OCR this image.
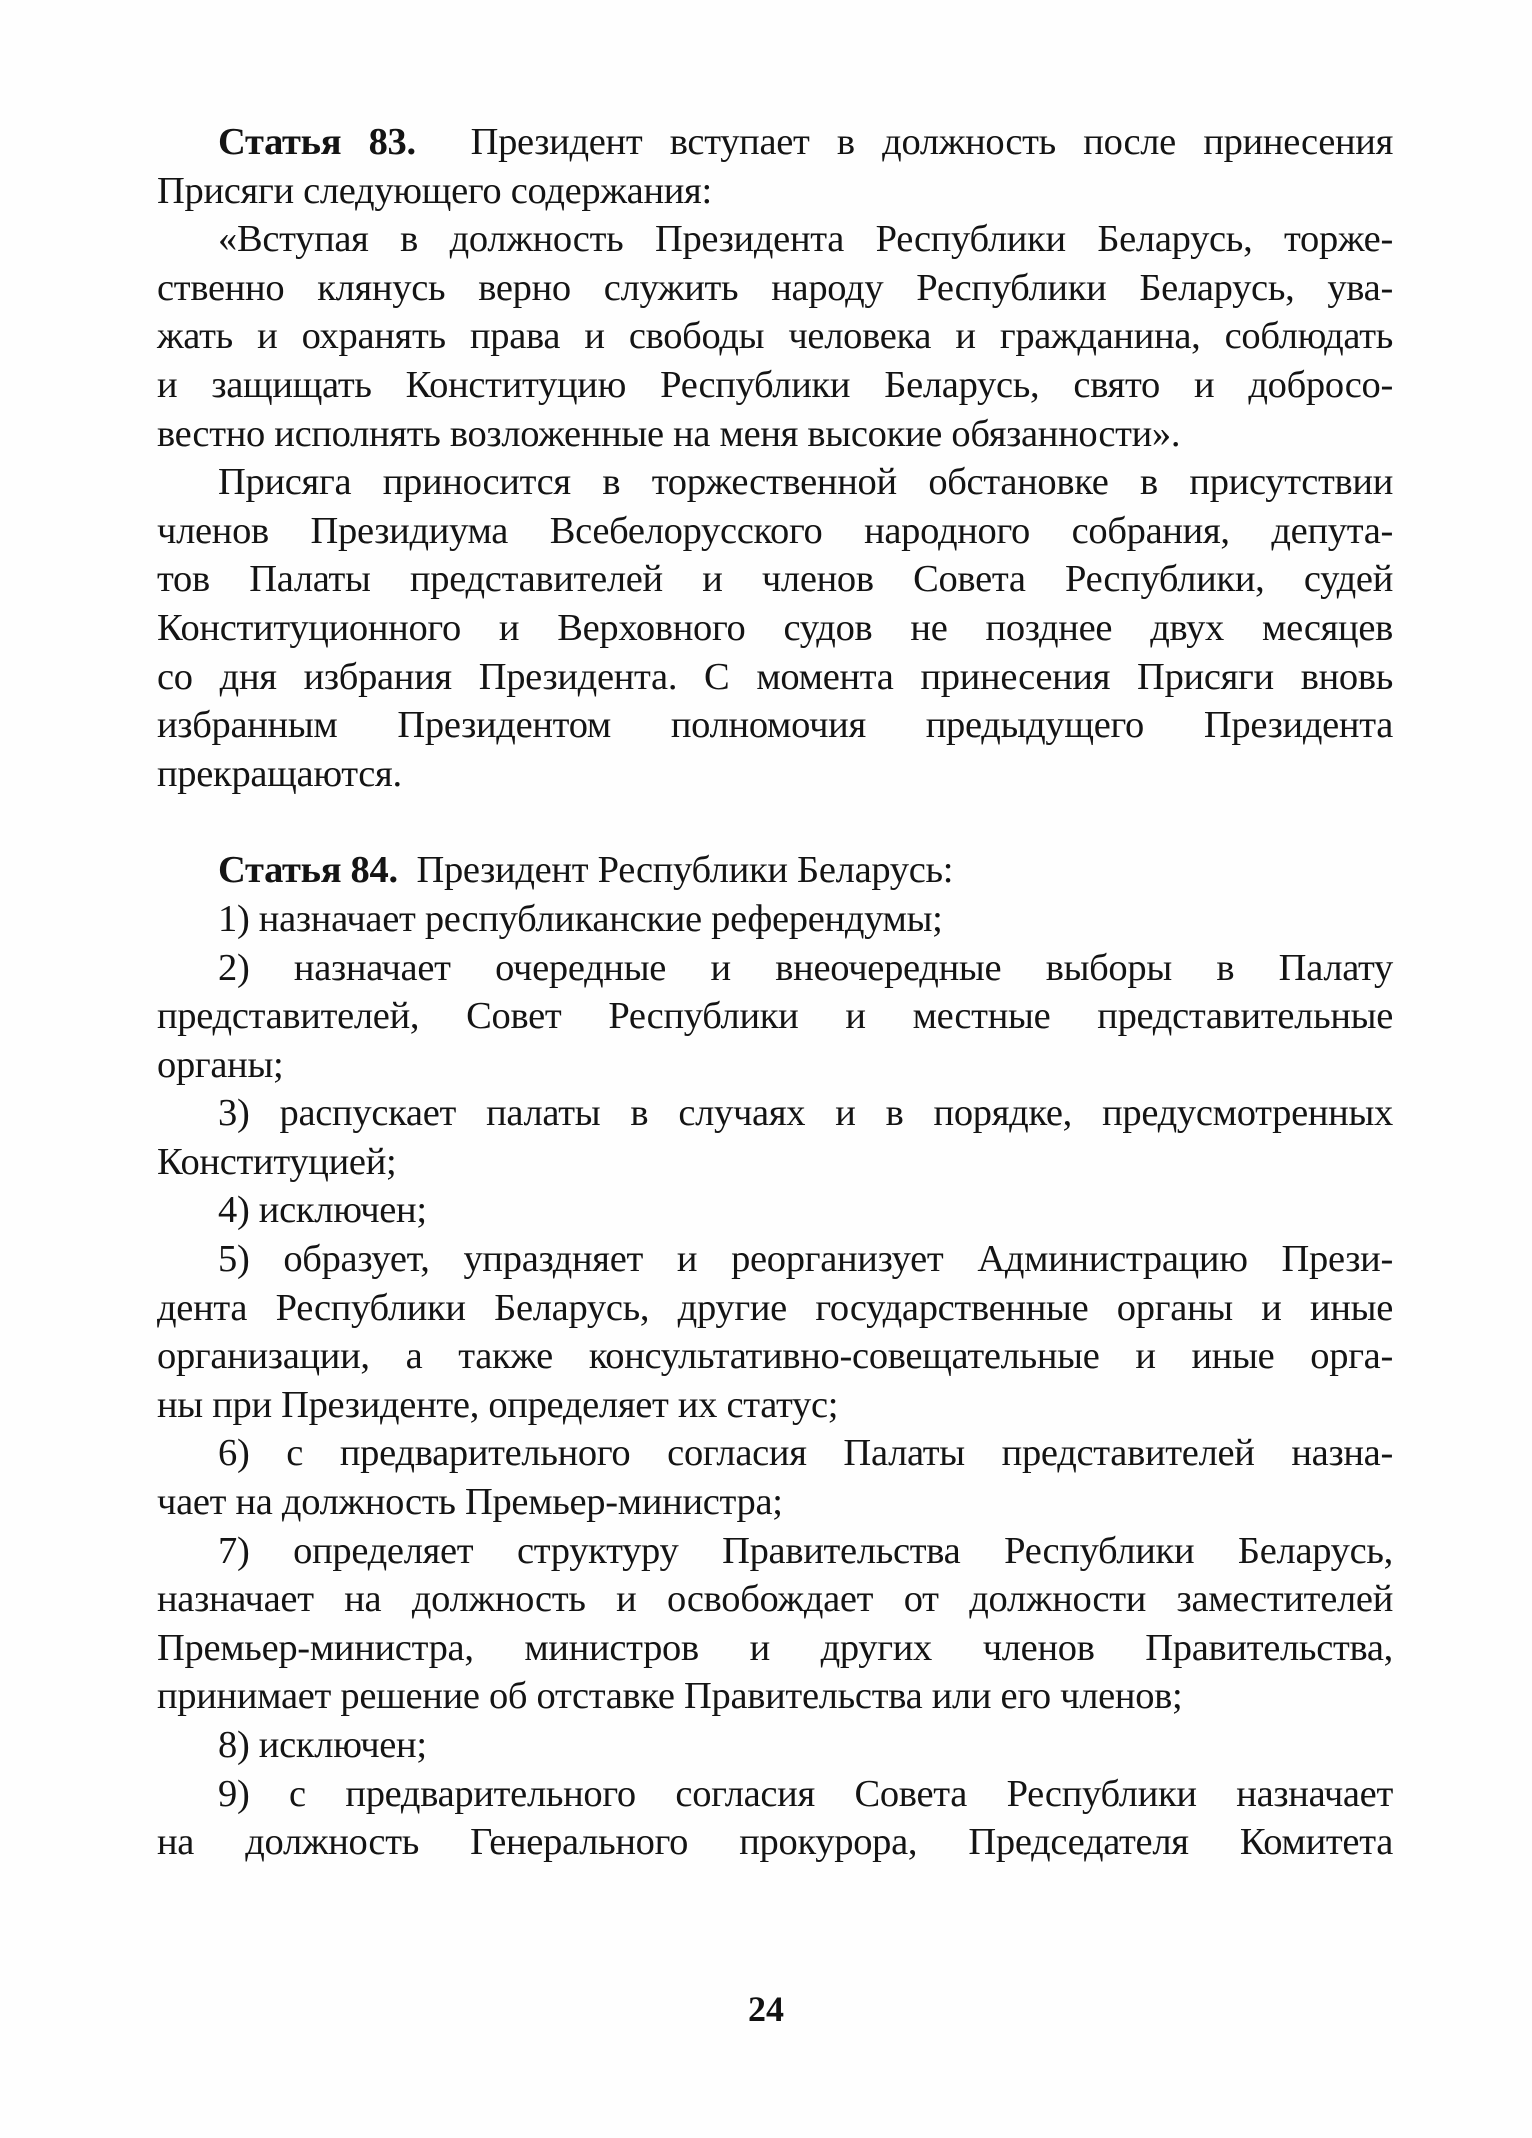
Статья 83. Президент вступает в должность после принесения
Присяги следующего содержания:
«Вступая в должность Президента Республики Беларусь, торже-
ственно клянусь верно служить народу Республики Беларусь, ува-
жать и охранять права и свободы человека и гражданина, соблюдать
и защищать Конституцию Республики Беларусь, свято и добросо-
вестно исполнять возложенные на меня высокие обязанности».
Присяга приносится в торжественной обстановке в присутствии
членов Президиума Всебелорусского народного собрания, депута-
тов Палаты представителей и членов Совета Республики, судей
Конституционного и Верховного судов не позднее двух месяцев
со дня избрания Президента. С момента принесения Присяги вновь
избранным Президентом полномочия предыдущего Президента
прекращаются.
Статья 84. Президент Республики Беларусь:
1) назначает республиканские референдумы;
2) назначает очередные и внеочередные выборы в Палату
представителей, Совет Республики и местные представительные
органы;
3) распускает палаты в случаях и в порядке, предусмотренных
Конституцией;
4) исключен;
5) образует, упраздняет и реорганизует Администрацию Прези-
дента Республики Беларусь, другие государственные органы и иные
организации, а также консультативно-совещательные и иные орга-
ны при Президенте, определяет их статус;
6) с предварительного согласия Палаты представителей назна-
чает на должность Премьер-министра;
7) определяет структуру Правительства Республики Беларусь,
назначает на должность и освобождает от должности заместителей
Премьер-министра, министров и других членов Правительства,
принимает решение об отставке Правительства или его членов;
8) исключен;
9) с предварительного согласия Совета Республики назначает
на должность Генерального прокурора, Председателя Комитета
24
